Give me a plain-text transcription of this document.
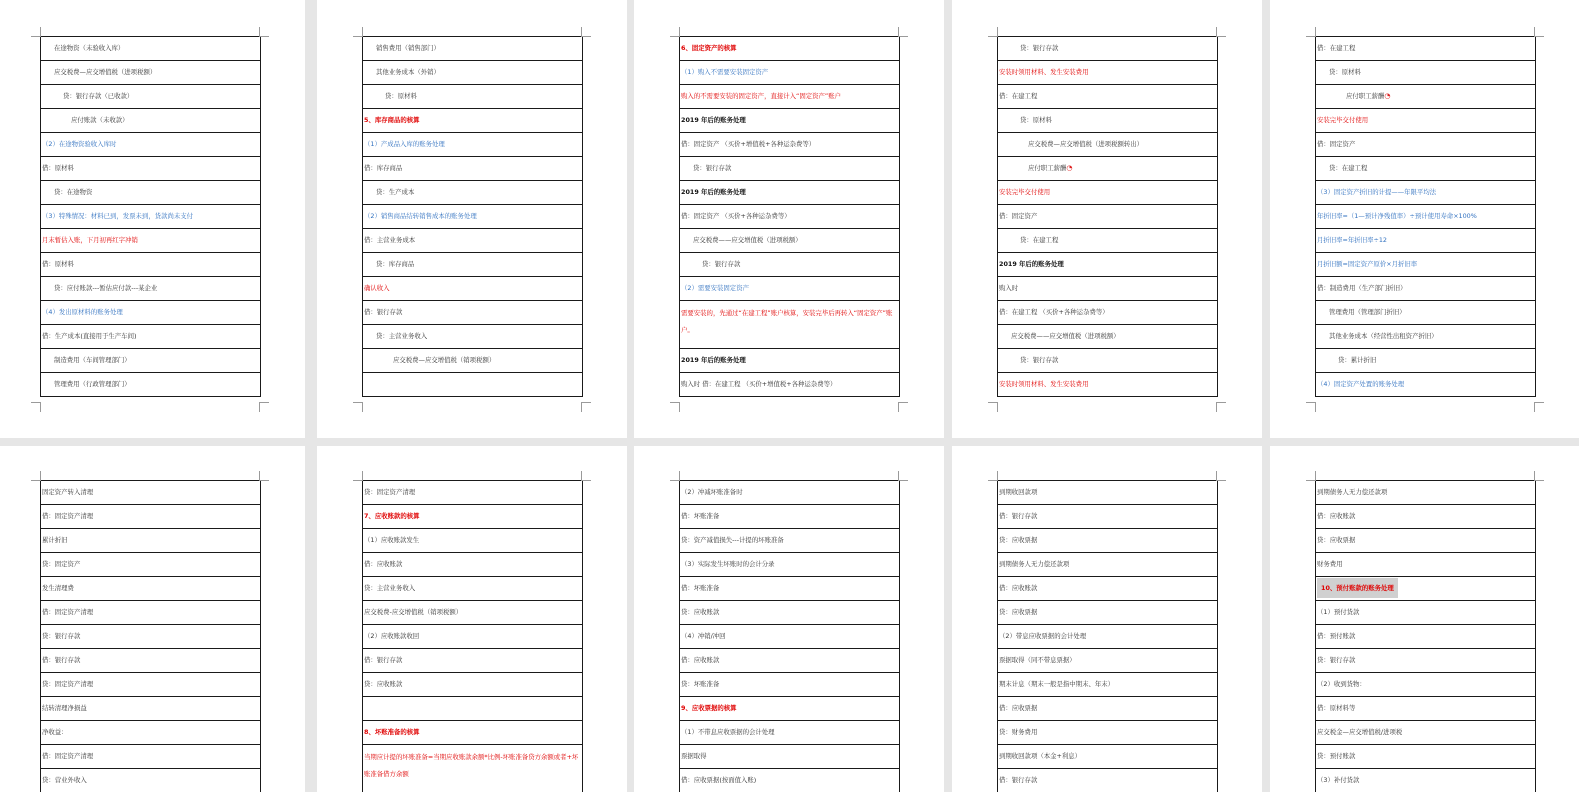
在途物资（未验收入库）
应交税费—应交增值税（进项税额）
贷：银行存款（已收款）
应付账款（未收款）
（2）在途物资验收入库时
借：原材料
贷：在途物资
（3）特殊情况：材料已到，发票未到，货款尚未支付
月末暂估入账，下月初再红字冲销
借：原材料
贷：应付账款---暂估应付款---某企业
（4）发出原材料的账务处理
借：生产成本(直接用于生产车间)
制造费用（车间管理部门）
管理费用（行政管理部门）
销售费用（销售部门）
其他业务成本（外销）
贷：原材料
5、库存商品的核算
（1）产成品入库的账务处理
借：库存商品
贷：生产成本
（2）销售商品结转销售成本的账务处理
借：主营业务成本
贷：库存商品
确认收入
借：银行存款
贷：主营业务收入
应交税费—应交增值税（销项税额）
6、固定资产的核算
（1）购入不需要安装固定资产
购入的不需要安装的固定资产，直接计入“固定资产”账户
2019 年后的账务处理
借：固定资产 （买价+增值税+各种运杂费等）
贷：银行存款
2019 年后的账务处理
借：固定资产 （买价+各种运杂费等）
应交税费——应交增值税（进项税额）
贷：银行存款
（2）需要安装固定资产
需要安装的，先通过“在建工程”账户核算，安装完毕后再转入“固定资产”账户。
2019 年后的账务处理
购入时 借：在建工程 （买价+增值税+各种运杂费等）
贷：银行存款
安装时领用材料、发生安装费用
借：在建工程
贷：原材料
应交税费—应交增值税（进项税额转出）
应付职工薪酬◔
安装完毕交付使用
借：固定资产
贷：在建工程
2019 年后的账务处理
购入时
借：在建工程 （买价+各种运杂费等）
应交税费——应交增值税（进项税额）
贷：银行存款
安装时领用材料、发生安装费用
借：在建工程
贷：原材料
应付职工薪酬◔
安装完毕交付使用
借：固定资产
贷：在建工程
（3）固定资产折旧的计提——年限平均法
年折旧率=（1—预计净残值率）÷预计使用寿命×100%
月折旧率=年折旧率÷12
月折旧额=固定资产原价×月折旧率
借：制造费用（生产部门折旧）
管理费用（管理部门折旧）
其他业务成本（经营性出租资产折旧）
贷：累计折旧
（4）固定资产处置的账务处理
固定资产转入清理
借：固定资产清理
累计折旧
贷：固定资产
发生清理费
借：固定资产清理
贷：银行存款
借：银行存款
贷：固定资产清理
结转清理净损益
净收益：
借：固定资产清理
贷：营业外收入
贷：固定资产清理
7、应收账款的核算
（1）应收账款发生
借：应收账款
贷：主营业务收入
应交税费-应交增值税（销项税额）
（2）应收账款收回
借：银行存款
贷：应收账款
8、坏账准备的核算
当期应计提的坏账准备=当期应收账款余额*比例-坏账准备贷方余额或者+坏账准备借方余额
（2）冲减坏账准备时
借：坏账准备
贷：资产减值损失---计提的坏账准备
（3）实际发生坏账时的会计分录
借：坏账准备
贷：应收账款
（4）冲销/冲回
借：应收账款
贷：坏账准备
9、应收票据的核算
（1）不带息应收票据的会计处理
票据取得
借：应收票据(按面值入账)
到期收回款项
借：银行存款
贷：应收票据
到期债务人无力偿还款项
借：应收账款
贷：应收票据
（2）带息应收票据的会计处理
票据取得（同不带息票据）
期末计息（期末一般是指中期末、年末）
借：应收票据
贷：财务费用
到期收回款项（本金+利息）
借：银行存款
到期债务人无力偿还款项
借：应收账款
贷：应收票据
财务费用
10、预付账款的账务处理
（1）预付货款
借：预付账款
贷：银行存款
（2）收到货物：
借：原材料等
应交税金—应交增值税/进项税
贷：预付账款
（3）补付货款
